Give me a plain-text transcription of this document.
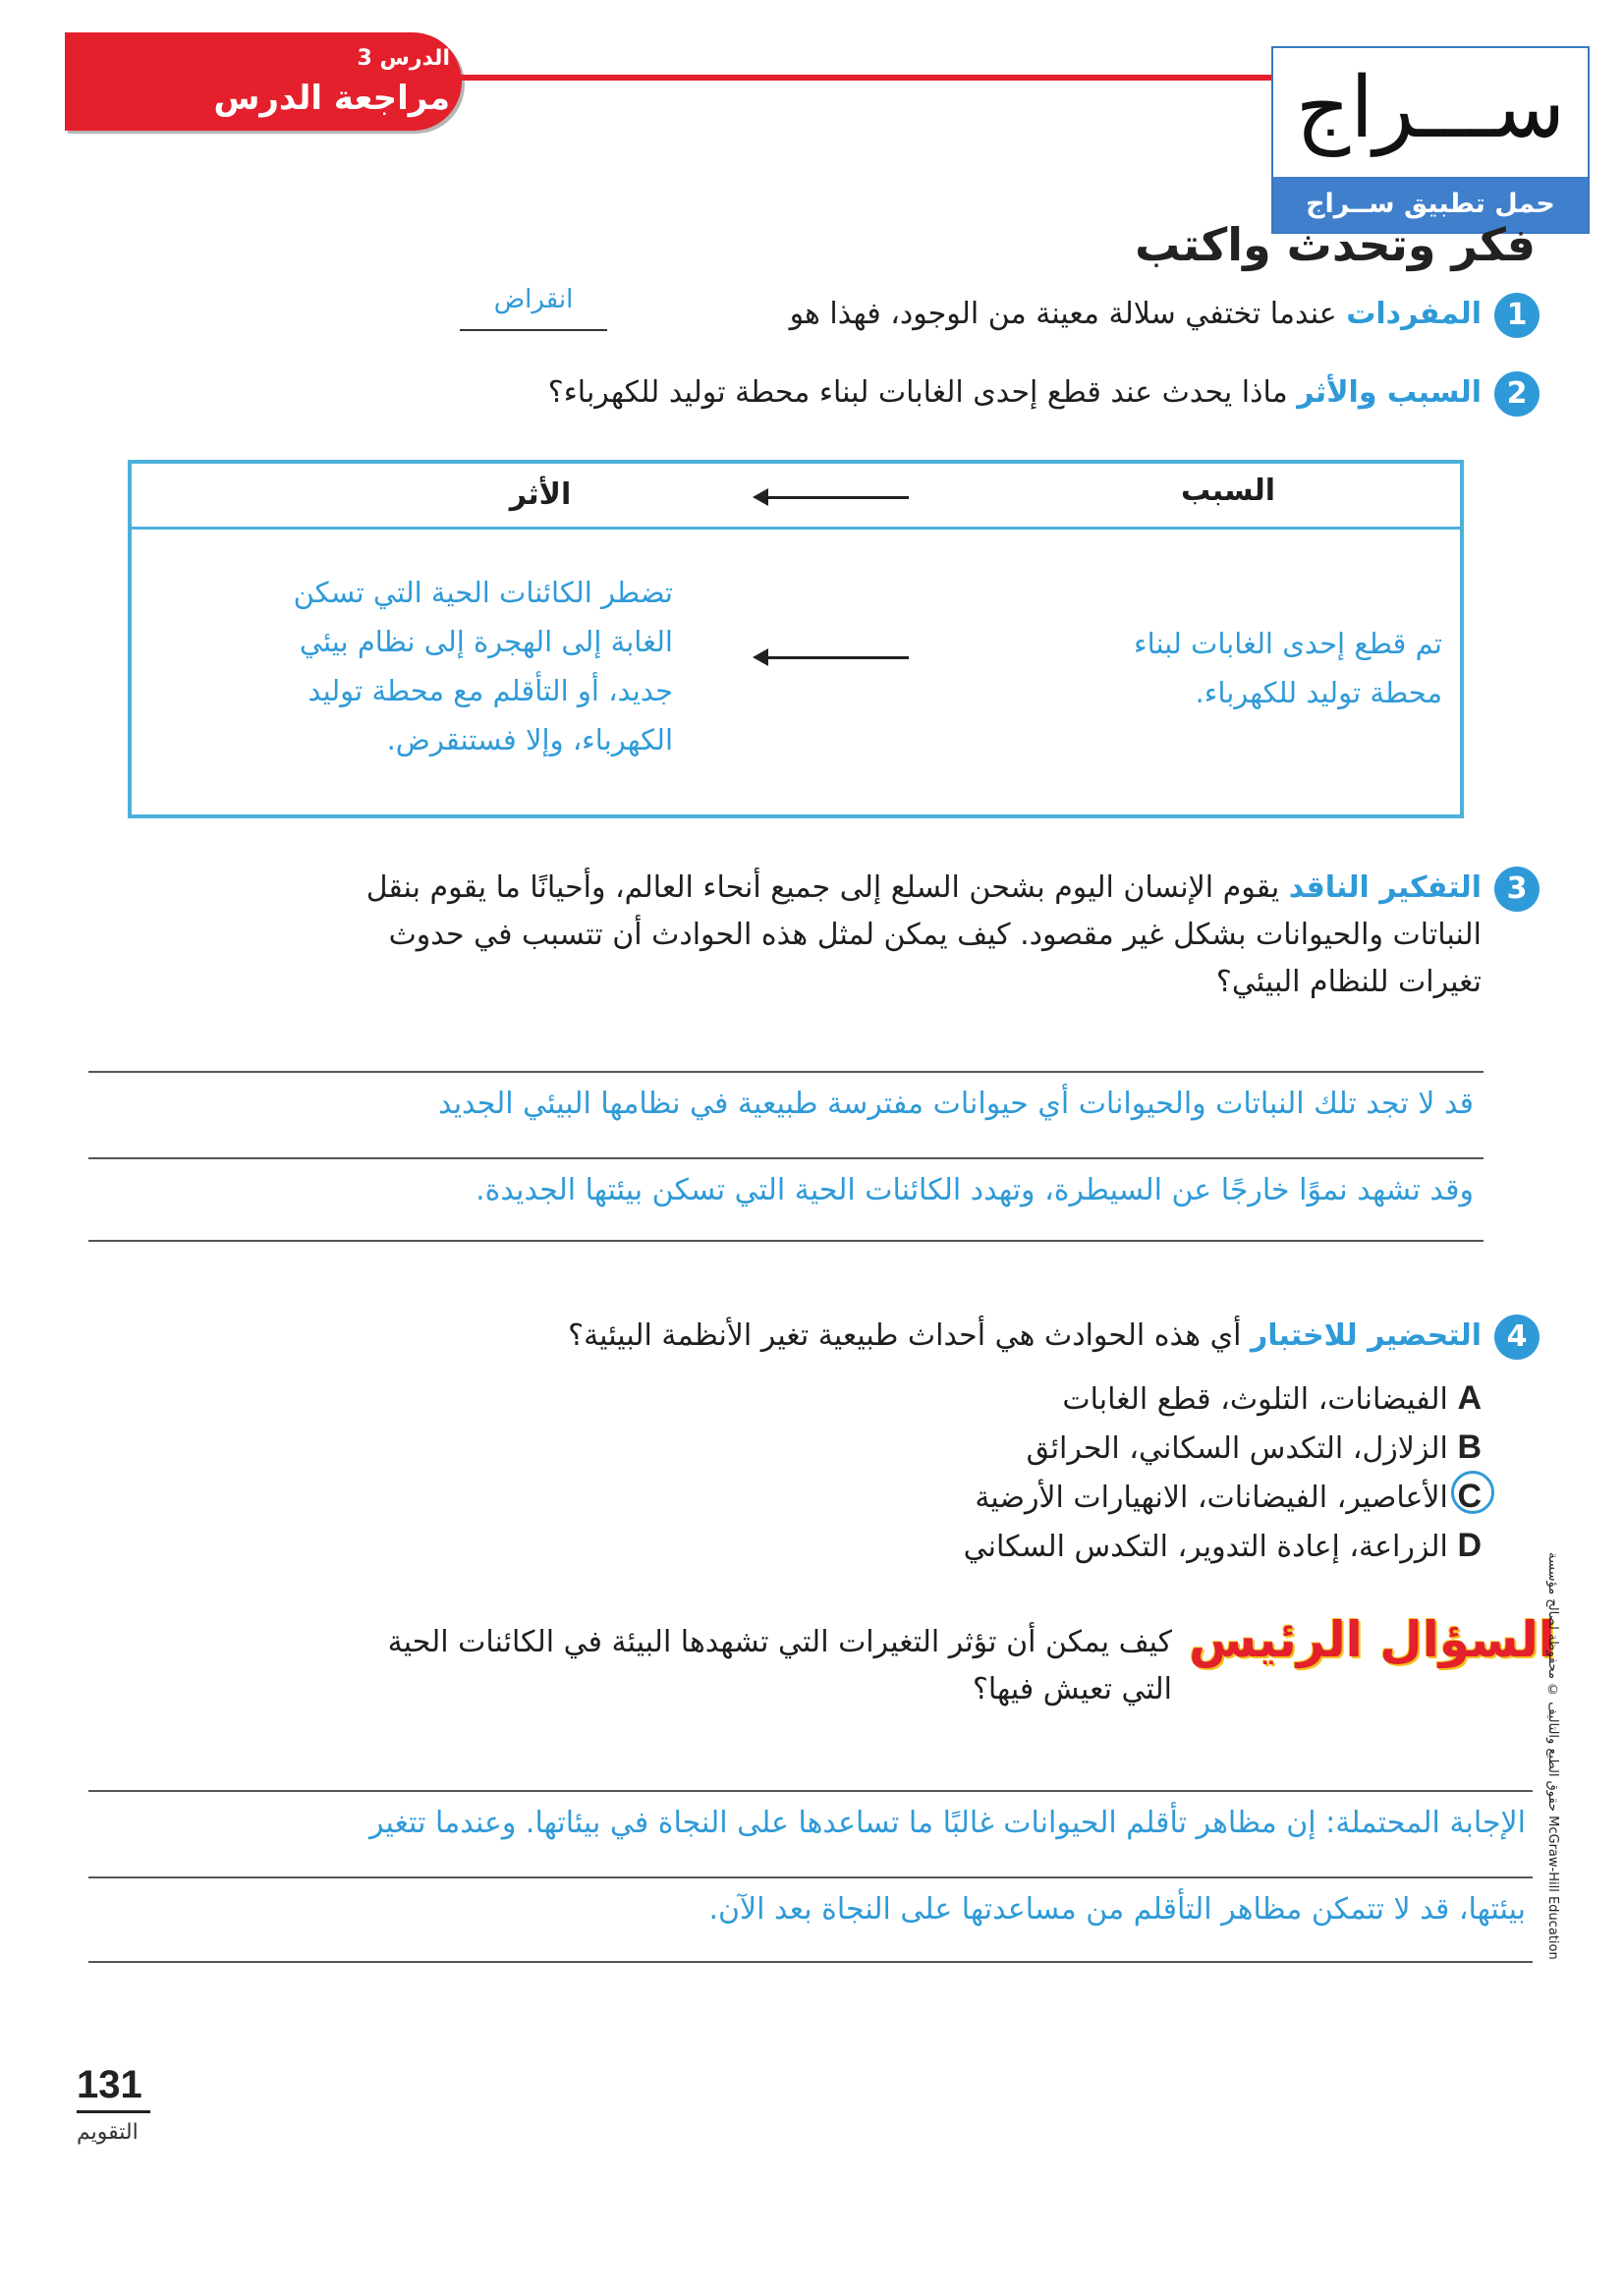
الدرس 3
مراجعة الدرس	ســـراج
حمل تطبيق ســراج
فكر وتحدث واكتب
1
المفردات عندما تختفي سلالة معينة من الوجود، فهذا هو
انقراض
2
السبب والأثر ماذا يحدث عند قطع إحدى الغابات لبناء محطة توليد للكهرباء؟
السبب
الأثر
تم قطع إحدى الغابات لبناء
محطة توليد للكهرباء.
تضطر الكائنات الحية التي تسكن
الغابة إلى الهجرة إلى نظام بيئي
جديد، أو التأقلم مع محطة توليد
الكهرباء، وإلا فستنقرض.
3
التفكير الناقد يقوم الإنسان اليوم بشحن السلع إلى جميع أنحاء العالم، وأحيانًا ما يقوم بنقل
النباتات والحيوانات بشكل غير مقصود. كيف يمكن لمثل هذه الحوادث أن تتسبب في حدوث
تغيرات للنظام البيئي؟
قد لا تجد تلك النباتات والحيوانات أي حيوانات مفترسة طبيعية في نظامها البيئي الجديد
وقد تشهد نموًا خارجًا عن السيطرة، وتهدد الكائنات الحية التي تسكن بيئتها الجديدة.
4
التحضير للاختبار أي هذه الحوادث هي أحداث طبيعية تغير الأنظمة البيئية؟
A الفيضانات، التلوث، قطع الغابات
B الزلازل، التكدس السكاني، الحرائق
C الأعاصير، الفيضانات، الانهيارات الأرضية
D الزراعة، إعادة التدوير، التكدس السكاني
السؤال الرئيس
كيف يمكن أن تؤثر التغيرات التي تشهدها البيئة في الكائنات الحية
التي تعيش فيها؟
الإجابة المحتملة: إن مظاهر تأقلم الحيوانات غالبًا ما تساعدها على النجاة في بيئاتها. وعندما تتغير
بيئتها، قد لا تتمكن مظاهر التأقلم من مساعدتها على النجاة بعد الآن.
حقوق الطبع والتأليف © محفوظة لصالح مؤسسة McGraw-Hill Education
131
التقويم
